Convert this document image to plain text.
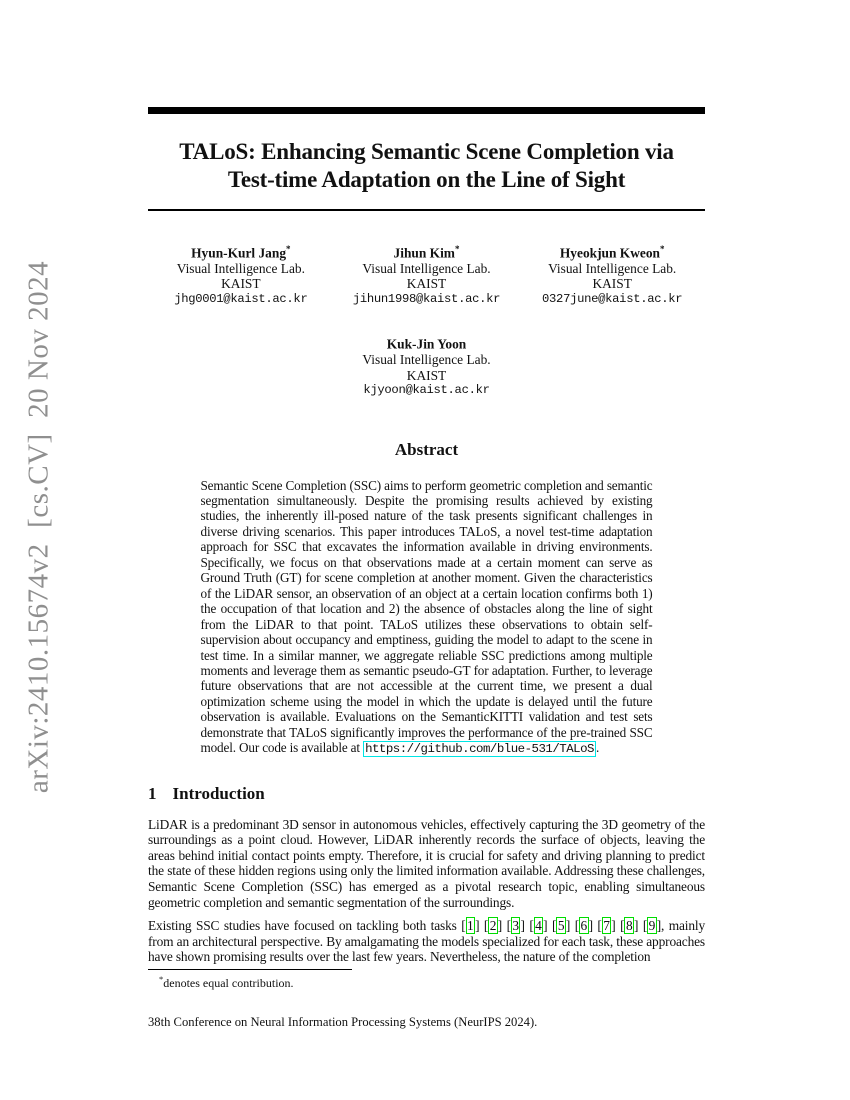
arXiv:2410.15674v2  [cs.CV]  20 Nov 2024
TALoS: Enhancing Semantic Scene Completion via
Test-time Adaptation on the Line of Sight
Hyun-Kurl Jang*
Visual Intelligence Lab.
KAIST
jhg0001@kaist.ac.kr
Jihun Kim*
Visual Intelligence Lab.
KAIST
jihun1998@kaist.ac.kr
Hyeokjun Kweon*
Visual Intelligence Lab.
KAIST
0327june@kaist.ac.kr
Kuk-Jin Yoon
Visual Intelligence Lab.
KAIST
kjyoon@kaist.ac.kr
Abstract
Semantic Scene Completion (SSC) aims to perform geometric completion and semantic segmentation simultaneously. Despite the promising results achieved by existing studies, the inherently ill-posed nature of the task presents significant challenges in diverse driving scenarios. This paper introduces TALoS, a novel test-time adaptation approach for SSC that excavates the information available in driving environments. Specifically, we focus on that observations made at a certain moment can serve as Ground Truth (GT) for scene completion at another moment. Given the characteristics of the LiDAR sensor, an observation of an object at a certain location confirms both 1) the occupation of that location and 2) the absence of obstacles along the line of sight from the LiDAR to that point. TALoS utilizes these observations to obtain self-supervision about occupancy and emptiness, guiding the model to adapt to the scene in test time. In a similar manner, we aggregate reliable SSC predictions among multiple moments and leverage them as semantic pseudo-GT for adaptation. Further, to leverage future observations that are not accessible at the current time, we present a dual optimization scheme using the model in which the update is delayed until the future observation is available. Evaluations on the SemanticKITTI validation and test sets demonstrate that TALoS significantly improves the performance of the pre-trained SSC model. Our code is available at https://github.com/blue-531/TALoS .
1 Introduction
LiDAR is a predominant 3D sensor in autonomous vehicles, effectively capturing the 3D geometry of the surroundings as a point cloud. However, LiDAR inherently records the surface of objects, leaving the areas behind initial contact points empty. Therefore, it is crucial for safety and driving planning to predict the state of these hidden regions using only the limited information available. Addressing these challenges, Semantic Scene Completion (SSC) has emerged as a pivotal research topic, enabling simultaneous geometric completion and semantic segmentation of the surroundings.
Existing SSC studies have focused on tackling both tasks [ 1 ] [ 2 ] [ 3 ] [ 4 ] [ 5 ] [ 6 ] [ 7 ] [ 8 ] [ 9 ], mainly from an architectural perspective. By amalgamating the models specialized for each task, these approaches have shown promising results over the last few years. Nevertheless, the nature of the completion
*denotes equal contribution.
38th Conference on Neural Information Processing Systems (NeurIPS 2024).
